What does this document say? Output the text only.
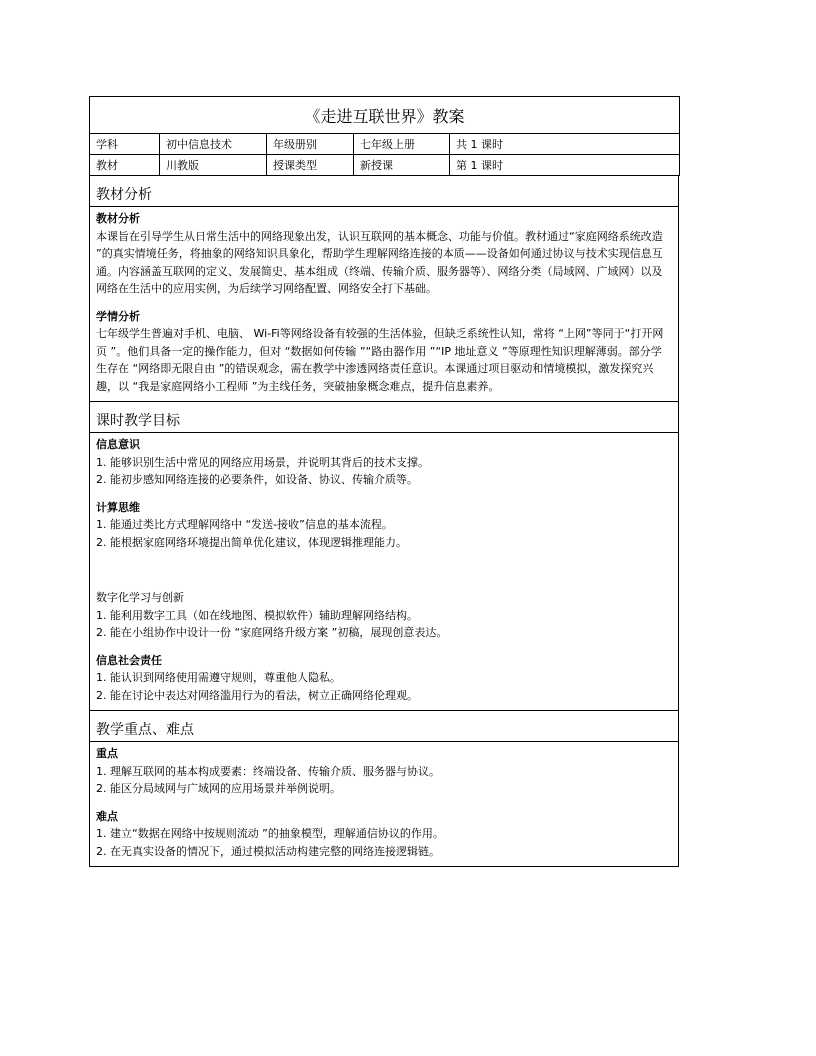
《走进互联世界》教案				
学科	初中信息技术	年级册别	七年级上册	共 1 课时
教材	川教版	授课类型	新授课	第 1 课时
教材分析

教材分析

本课旨在引导学生从日常生活中的网络现象出发，认识互联网的基本概念、功能与价值。教材通过“家庭网络系统改造 ”的真实情境任务，将抽象的网络知识具象化，帮助学生理解网络连接的本质——设备如何通过协议与技术实现信息互通。内容涵盖互联网的定义、发展简史、基本组成（终端、传输介质、服务器等）、网络分类（局域网、广域网）以及网络在生活中的应用实例，为后续学习网络配置、网络安全打下基础。

学情分析

七年级学生普遍对手机、电脑、 Wi-Fi等网络设备有较强的生活体验，但缺乏系统性认知，常将 “上网”等同于“打开网页 ”。他们具备一定的操作能力，但对 “数据如何传输 ”“路由器作用 ”“IP 地址意义 ”等原理性知识理解薄弱。部分学生存在 “网络即无限自由 ”的错误观念，需在教学中渗透网络责任意识。本课通过项目驱动和情境模拟，激发探究兴趣，以 “我是家庭网络小工程师 ”为主线任务，突破抽象概念难点，提升信息素养。

课时教学目标

信息意识

1. 能够识别生活中常见的网络应用场景，并说明其背后的技术支撑。

2. 能初步感知网络连接的必要条件，如设备、协议、传输介质等。

计算思维

1. 能通过类比方式理解网络中 “发送-接收”信息的基本流程。

2. 能根据家庭网络环境提出简单优化建议，体现逻辑推理能力。

数字化学习与创新

1. 能利用数字工具（如在线地图、模拟软件）辅助理解网络结构。

2. 能在小组协作中设计一份 “家庭网络升级方案 ”初稿，展现创意表达。

信息社会责任

1. 能认识到网络使用需遵守规则，尊重他人隐私。

2. 能在讨论中表达对网络滥用行为的看法，树立正确网络伦理观。

教学重点、难点

重点

1. 理解互联网的基本构成要素：终端设备、传输介质、服务器与协议。

2. 能区分局域网与广域网的应用场景并举例说明。

难点

1. 建立“数据在网络中按规则流动 ”的抽象模型，理解通信协议的作用。

2. 在无真实设备的情况下，通过模拟活动构建完整的网络连接逻辑链。
